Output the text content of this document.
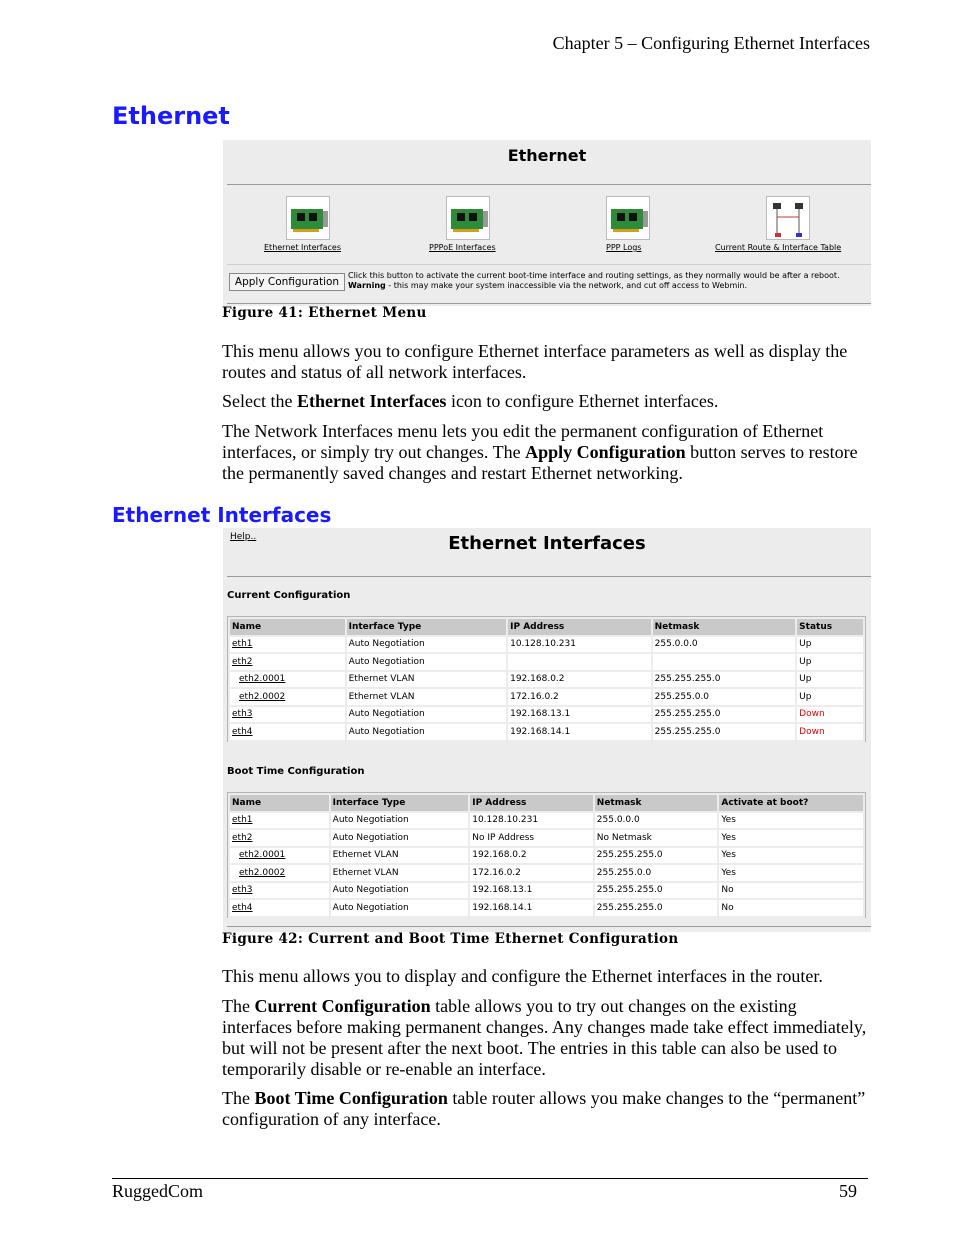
Chapter 5 – Configuring Ethernet Interfaces
Ethernet
Ethernet
Ethernet Interfaces	PPPoE Interfaces	PPP Logs	Current Route & Interface Table
Apply Configuration
Click this button to activate the current boot-time interface and routing settings, as they normally would be after a reboot. Warning - this may make your system inaccessible via the network, and cut off access to Webmin.
Figure 41: Ethernet Menu
This menu allows you to configure Ethernet interface parameters as well as display the routes and status of all network interfaces.
Select the Ethernet Interfaces icon to configure Ethernet interfaces.
The Network Interfaces menu lets you edit the permanent configuration of Ethernet interfaces, or simply try out changes. The Apply Configuration button serves to restore the permanently saved changes and restart Ethernet networking.
Ethernet Interfaces
Help..	Ethernet Interfaces
Current Configuration
Name	Interface Type	IP Address	Netmask	Status
eth1	Auto Negotiation	10.128.10.231	255.0.0.0	Up
eth2	Auto Negotiation			Up
eth2.0001	Ethernet VLAN	192.168.0.2	255.255.255.0	Up
eth2.0002	Ethernet VLAN	172.16.0.2	255.255.0.0	Up
eth3	Auto Negotiation	192.168.13.1	255.255.255.0	Down
eth4	Auto Negotiation	192.168.14.1	255.255.255.0	Down
Boot Time Configuration
Name	Interface Type	IP Address	Netmask	Activate at boot?
eth1	Auto Negotiation	10.128.10.231	255.0.0.0	Yes
eth2	Auto Negotiation	No IP Address	No Netmask	Yes
eth2.0001	Ethernet VLAN	192.168.0.2	255.255.255.0	Yes
eth2.0002	Ethernet VLAN	172.16.0.2	255.255.0.0	Yes
eth3	Auto Negotiation	192.168.13.1	255.255.255.0	No
eth4	Auto Negotiation	192.168.14.1	255.255.255.0	No
Figure 42: Current and Boot Time Ethernet Configuration
This menu allows you to display and configure the Ethernet interfaces in the router.
The Current Configuration table allows you to try out changes on the existing interfaces before making permanent changes. Any changes made take effect immediately, but will not be present after the next boot. The entries in this table can also be used to temporarily disable or re-enable an interface.
The Boot Time Configuration table router allows you make changes to the “permanent” configuration of any interface.
RuggedCom	59
